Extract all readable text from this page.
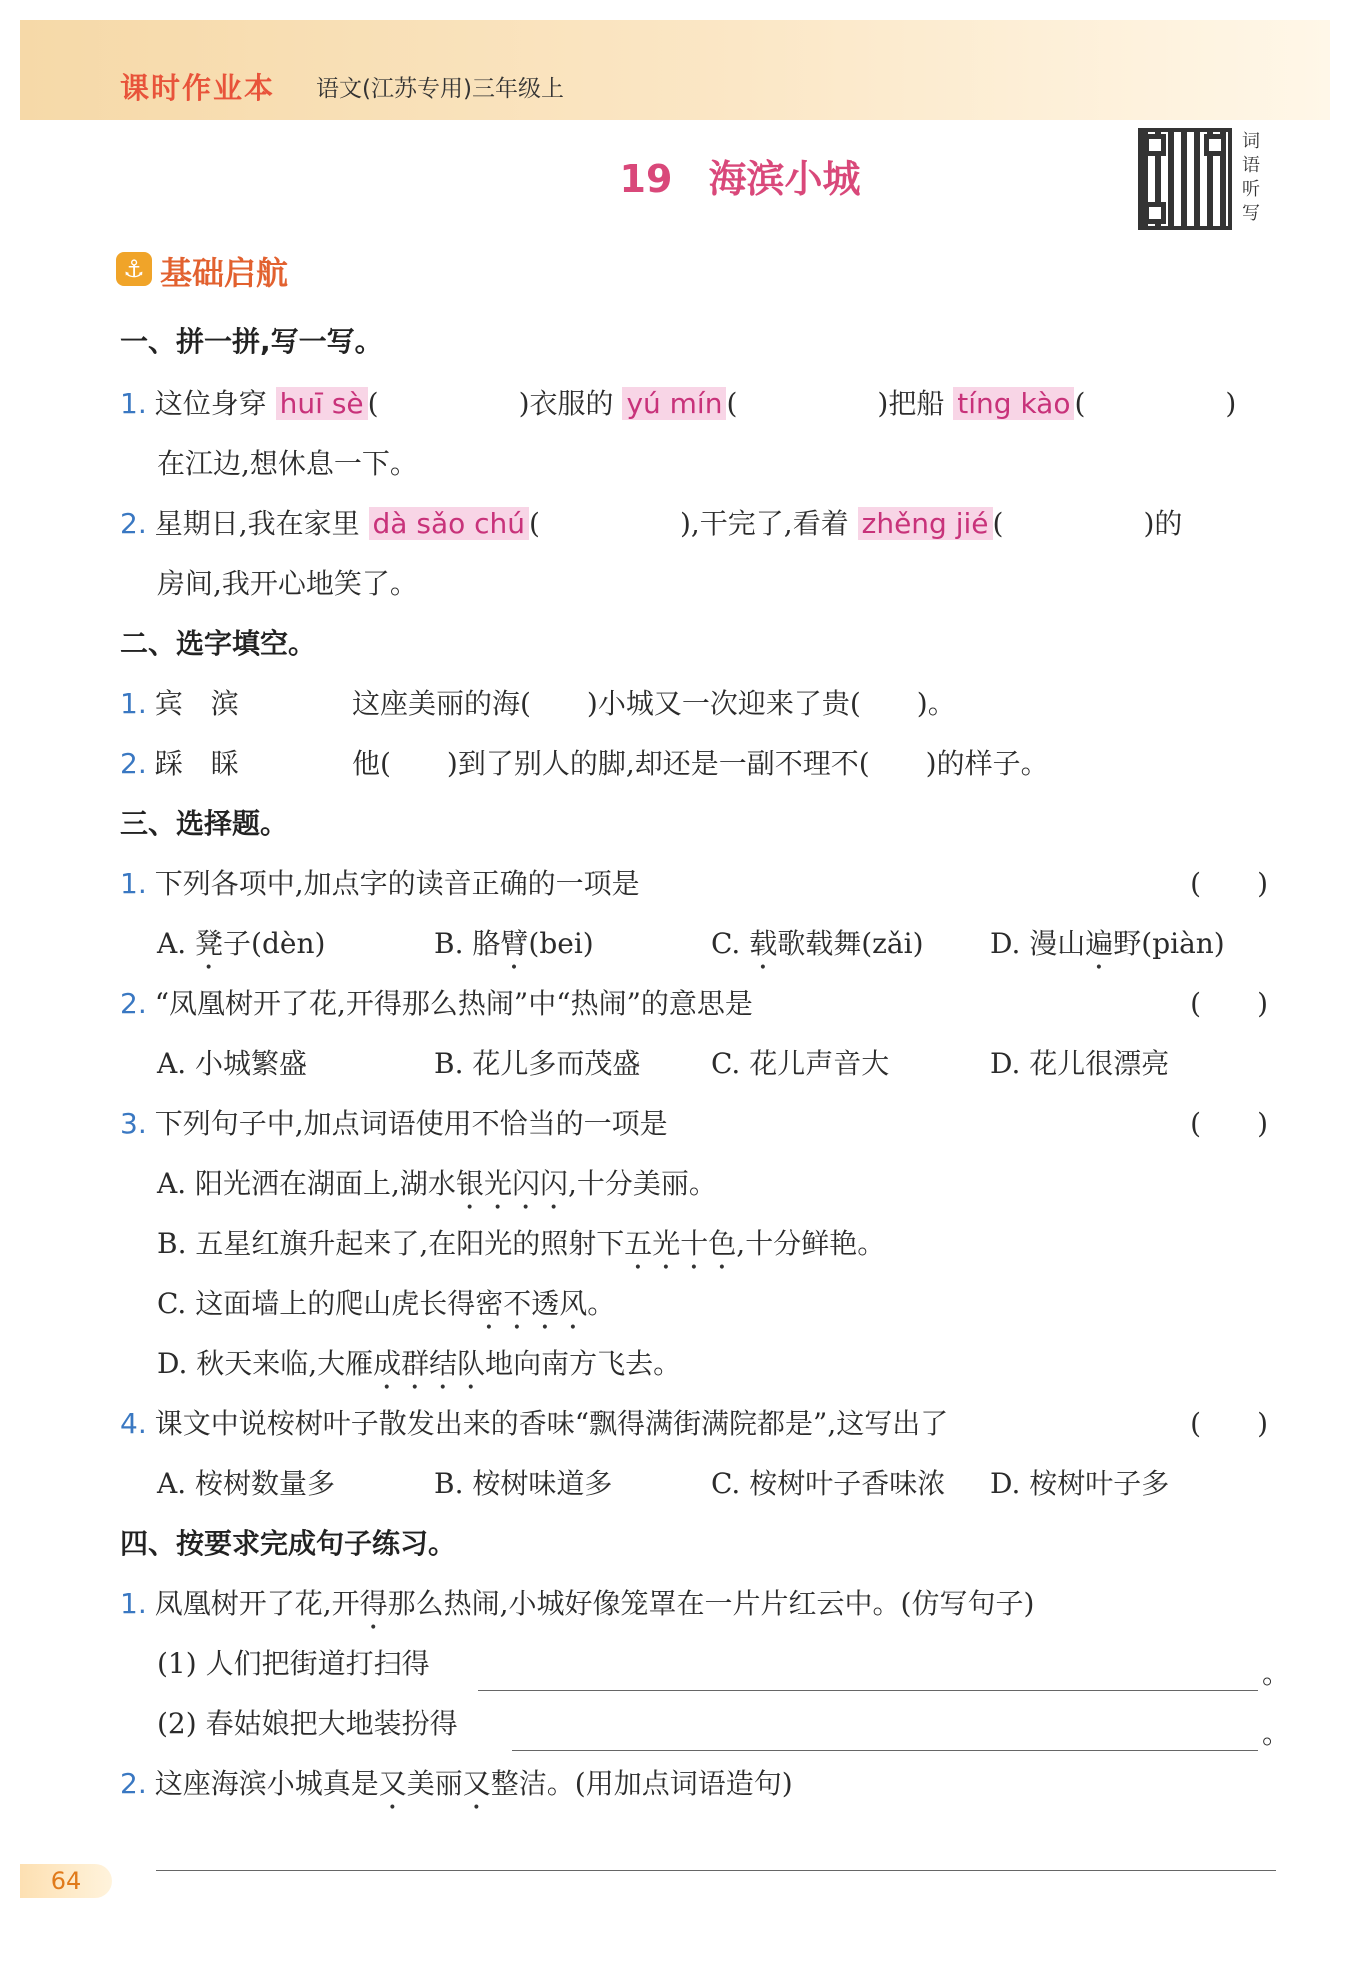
课时作业本 语文(江苏专用)三年级上
19 海滨小城
词语听写
⚓ 基础启航
一、拼一拼,写一写。
1. 这位身穿 huī sè (	)衣服的 yú mín (	)把船 tíng kào (	)
在江边,想休息一下。
2. 星期日,我在家里 dà sǎo chú (	),干完了,看着 zhěng jié (	)的
房间,我开心地笑了。
二、选字填空。
1. 宾　滨	这座美丽的海(　　)小城又一次迎来了贵(　　)。
2. 踩　睬	他(　　)到了别人的脚,却还是一副不理不(　　)的样子。
三、选择题。
1. 下列各项中,加点字的读音正确的一项是	(　　)
A. 凳子(dèn)	B. 胳臂(bei)	C. 载歌载舞(zǎi) D. 漫山遍野(piàn)
2. “凤凰树开了花,开得那么热闹”中“热闹”的意思是	(　　)
A. 小城繁盛	B. 花儿多而茂盛	C. 花儿声音大	D. 花儿很漂亮
3. 下列句子中,加点词语使用不恰当的一项是	(　　)
A. 阳光洒在湖面上,湖水银光闪闪,十分美丽。
B. 五星红旗升起来了,在阳光的照射下五光十色,十分鲜艳。
C. 这面墙上的爬山虎长得密不透风。
D. 秋天来临,大雁成群结队地向南方飞去。
4. 课文中说桉树叶子散发出来的香味“飘得满街满院都是”,这写出了	(　　)
A. 桉树数量多	B. 桉树味道多	C. 桉树叶子香味浓 D. 桉树叶子多
四、按要求完成句子练习。
1. 凤凰树开了花,开得那么热闹,小城好像笼罩在一片片红云中。(仿写句子)
(1) 人们把街道打扫得	。
(2) 春姑娘把大地装扮得	。
2. 这座海滨小城真是又美丽又整洁。(用加点词语造句)
64
